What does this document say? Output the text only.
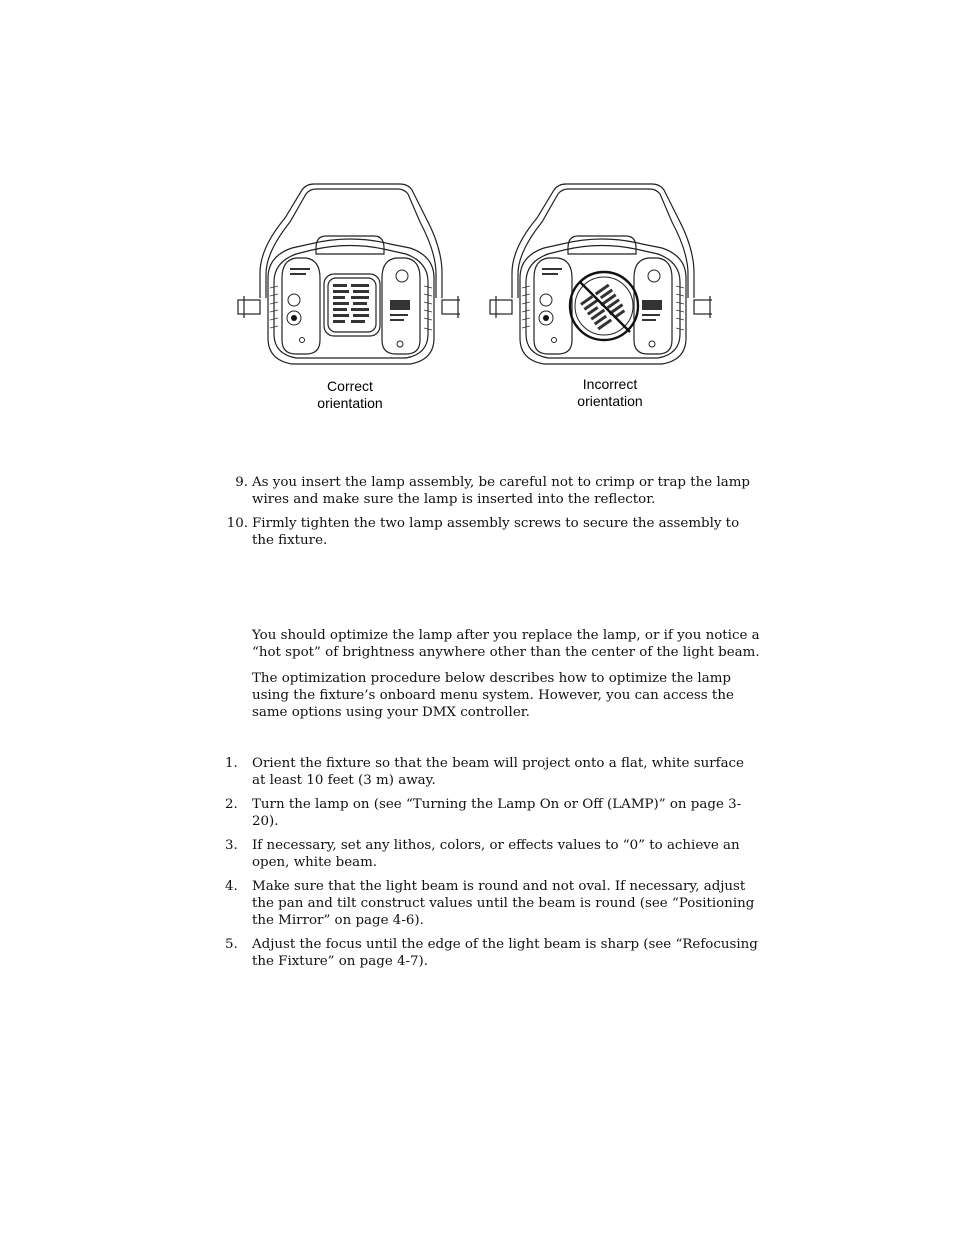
Correct
orientation
Incorrect
orientation
9. As you insert the lamp assembly, be careful not to crimp or trap the lamp wires and make sure the lamp is inserted into the reflector.
10. Firmly tighten the two lamp assembly screws to secure the assembly to the fixture.

You should optimize the lamp after you replace the lamp, or if you notice a “hot spot” of brightness anywhere other than the center of the light beam.

The optimization procedure below describes how to optimize the lamp using the fixture’s onboard menu system. However, you can access the same options using your DMX controller.

1. Orient the fixture so that the beam will project onto a flat, white surface at least 10 feet (3 m) away.
2. Turn the lamp on (see “Turning the Lamp On or Off (LAMP)” on page 3-20).
3. If necessary, set any lithos, colors, or effects values to “0” to achieve an open, white beam.
4. Make sure that the light beam is round and not oval. If necessary, adjust the pan and tilt construct values until the beam is round (see “Positioning the Mirror” on page 4-6).
5. Adjust the focus until the edge of the light beam is sharp (see “Refocusing the Fixture” on page 4-7).
